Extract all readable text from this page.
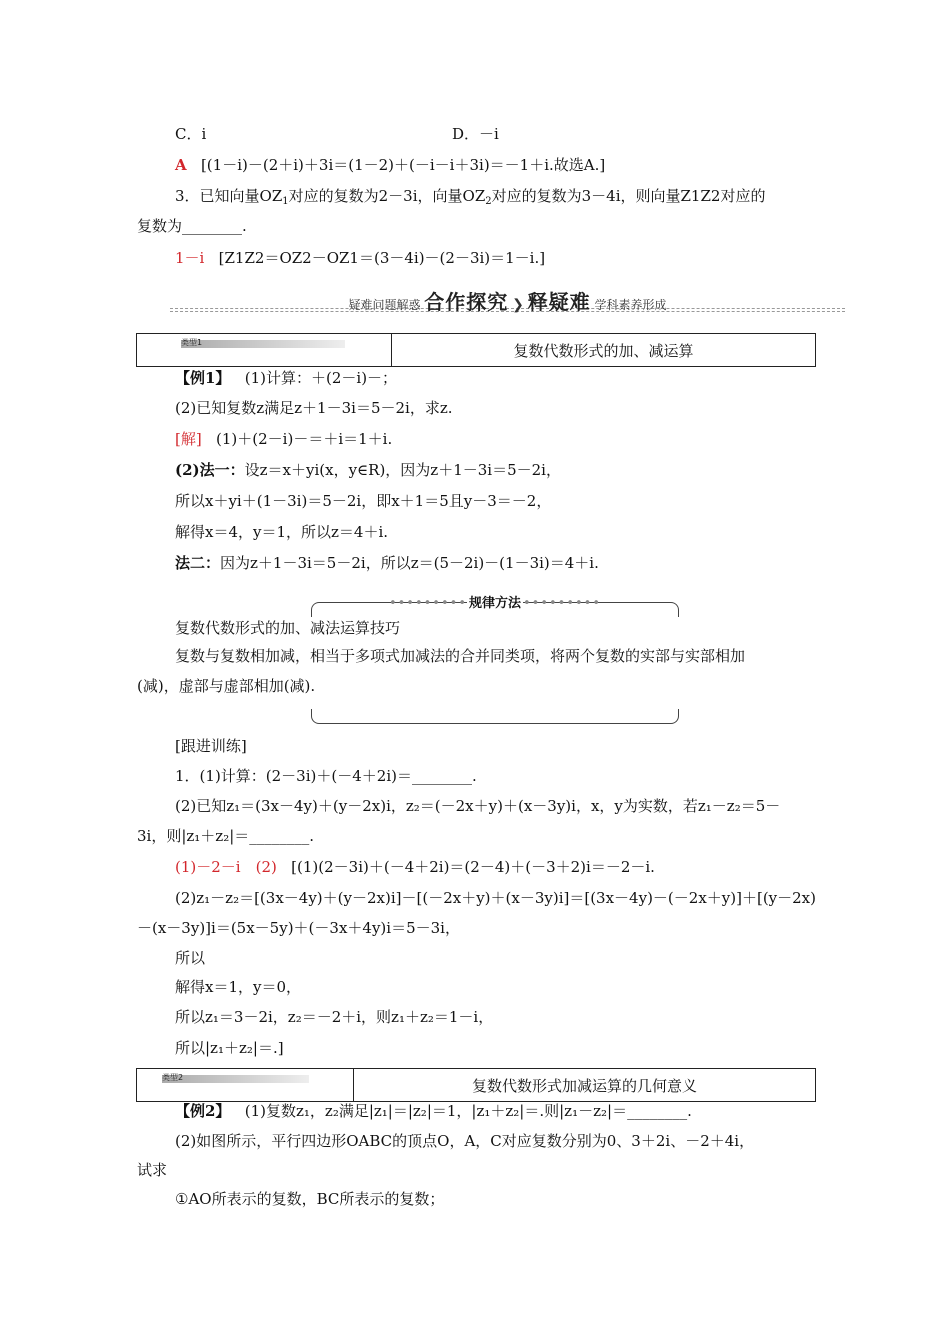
C．i	D．－i
A [(1－i)－(2＋i)＋3i＝(1－2)＋(－i－i＋3i)＝－1＋i.故选A.]
3．已知向量$OZ_1$对应的复数为2－3i，向量$OZ_2$对应的复数为3－4i，则向量Z1Z2对应的
复数为________.
1－i [Z1Z2＝OZ2－OZ1＝(3－4i)－(2－3i)＝1－i.]
疑难问题解惑 合作探究 ❯ 释疑难 学科素养形成
类型1	复数代数形式的加、减运算
【例1】 (1)计算：＋(2－i)－；
(2)已知复数z满足z＋1－3i＝5－2i，求z.
[解] (1)＋(2－i)－＝＋i＝1＋i.
(2)法一：设z＝x＋yi(x，y∈R)，因为z＋1－3i＝5－2i，
所以x＋yi＋(1－3i)＝5－2i，即x＋1＝5且y－3＝－2，
解得x＝4，y＝1，所以z＝4＋i.
法二：因为z＋1－3i＝5－2i，所以z＝(5－2i)－(1－3i)＝4＋i.
••••••••• 规律方法 •••••••••
复数代数形式的加、减法运算技巧
复数与复数相加减，相当于多项式加减法的合并同类项，将两个复数的实部与实部相加
(减)，虚部与虚部相加(减).
[跟进训练]
1．(1)计算：(2－3i)＋(－4＋2i)＝________.
(2)已知z₁＝(3x－4y)＋(y－2x)i，z₂＝(－2x＋y)＋(x－3y)i，x，y为实数，若z₁－z₂＝5－
3i，则|z₁＋z₂|＝________.
(1)－2－i　(2) [(1)(2－3i)＋(－4＋2i)＝(2－4)＋(－3＋2)i＝－2－i.
(2)z₁－z₂＝[(3x－4y)＋(y－2x)i]－[(－2x＋y)＋(x－3y)i]＝[(3x－4y)－(－2x＋y)]＋[(y－2x)
－(x－3y)]i＝(5x－5y)＋(－3x＋4y)i＝5－3i，
所以
解得x＝1，y＝0，
所以z₁＝3－2i，z₂＝－2＋i，则z₁＋z₂＝1－i，
所以|z₁＋z₂|＝.]
类型2	复数代数形式加减运算的几何意义
【例2】 (1)复数z₁，z₂满足|z₁|＝|z₂|＝1，|z₁＋z₂|＝.则|z₁－z₂|＝________.
(2)如图所示，平行四边形OABC的顶点O，A，C对应复数分别为0、3＋2i、－2＋4i，
试求
①AO所表示的复数，BC所表示的复数；
